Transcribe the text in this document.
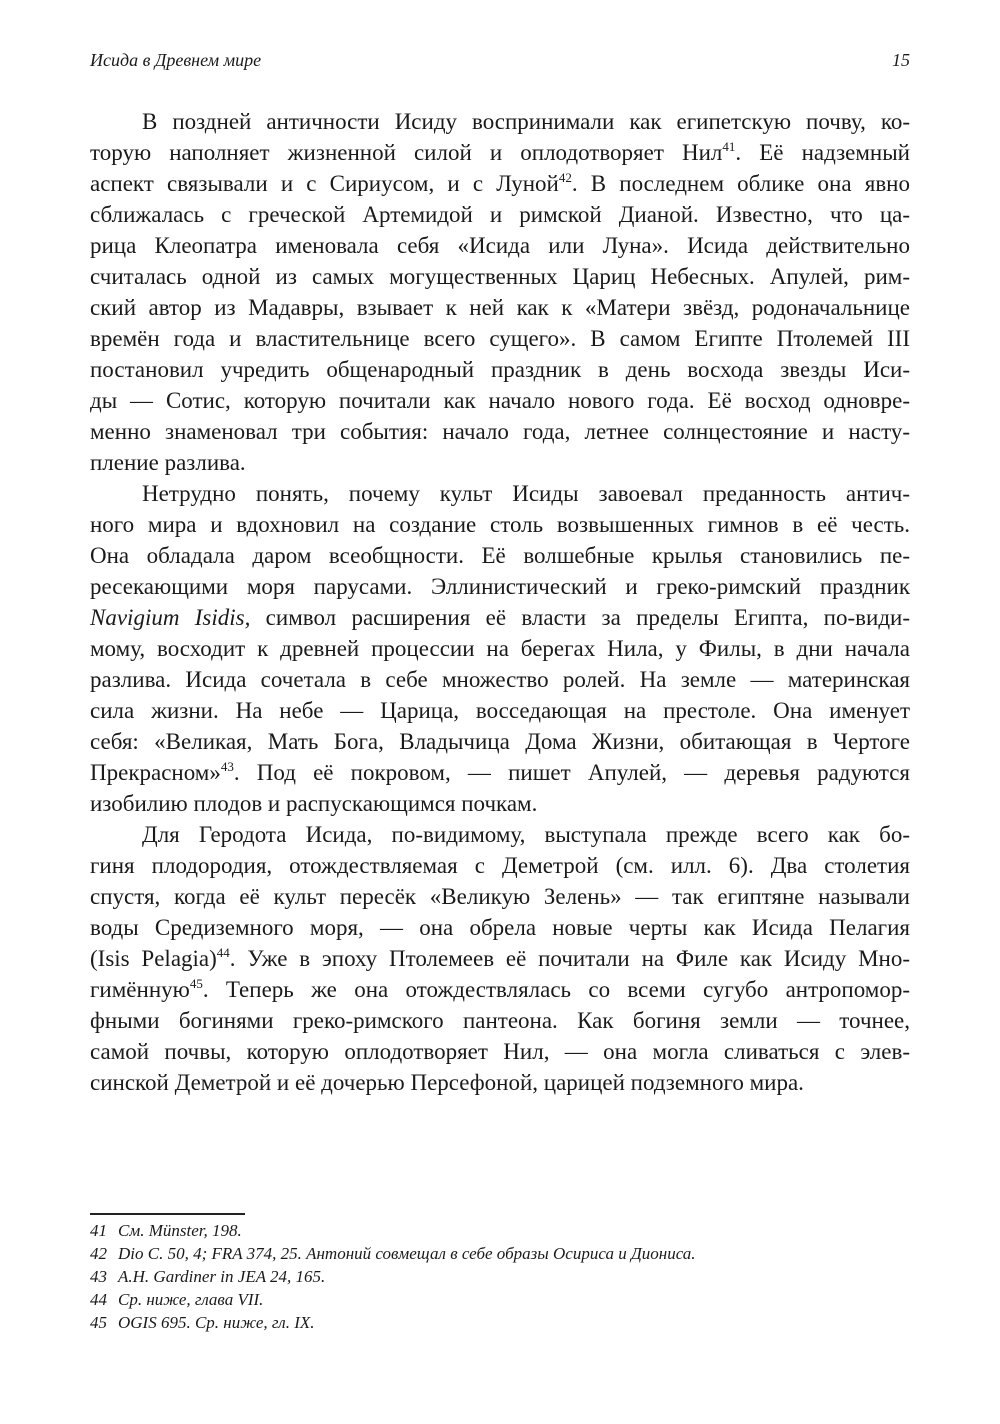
Исида в Древнем мире	15
В поздней античности Исиду воспринимали как египетскую почву, ко-
торую наполняет жизненной силой и оплодотворяет Нил$^{41}$. Её надземный
аспект связывали и с Сириусом, и с Луной$^{42}$. В последнем облике она явно
сближалась с греческой Артемидой и римской Дианой. Известно, что ца-
рица Клеопатра именовала себя «Исида или Луна». Исида действительно
считалась одной из самых могущественных Цариц Небесных. Апулей, рим-
ский автор из Мадавры, взывает к ней как к «Матери звёзд, родоначальнице
времён года и властительнице всего сущего». В самом Египте Птолемей III
постановил учредить общенародный праздник в день восхода звезды Иси-
ды — Сотис, которую почитали как начало нового года. Её восход одновре-
менно знаменовал три события: начало года, летнее солнцестояние и насту-
пление разлива.
Нетрудно понять, почему культ Исиды завоевал преданность антич-
ного мира и вдохновил на создание столь возвышенных гимнов в её честь.
Она обладала даром всеобщности. Её волшебные крылья становились пе-
ресекающими моря парусами. Эллинистический и греко-римский праздник
Navigium Isidis, символ расширения её власти за пределы Египта, по-види-
мому, восходит к древней процессии на берегах Нила, у Филы, в дни начала
разлива. Исида сочетала в себе множество ролей. На земле — материнская
сила жизни. На небе — Царица, восседающая на престоле. Она именует
себя: «Великая, Мать Бога, Владычица Дома Жизни, обитающая в Чертоге
Прекрасном»$^{43}$. Под её покровом, — пишет Апулей, — деревья радуются
изобилию плодов и распускающимся почкам.
Для Геродота Исида, по-видимому, выступала прежде всего как бо-
гиня плодородия, отождествляемая с Деметрой (см. илл. 6). Два столетия
спустя, когда её культ пересёк «Великую Зелень» — так египтяне называли
воды Средиземного моря, — она обрела новые черты как Исида Пелагия
(Isis Pelagia)$^{44}$. Уже в эпоху Птолемеев её почитали на Филе как Исиду Мно-
гимённую$^{45}$. Теперь же она отождествлялась со всеми сугубо антропомор-
фными богинями греко-римского пантеона. Как богиня земли — точнее,
самой почвы, которую оплодотворяет Нил, — она могла сливаться с элев-
синской Деметрой и её дочерью Персефоной, царицей подземного мира.
41 См. Münster, 198.
42 Dio C. 50, 4; FRA 374, 25. Антоний совмещал в себе образы Осириса и Диониса.
43 A.H. Gardiner in JEA 24, 165.
44 Ср. ниже, глава VII.
45 OGIS 695. Ср. ниже, гл. IX.
